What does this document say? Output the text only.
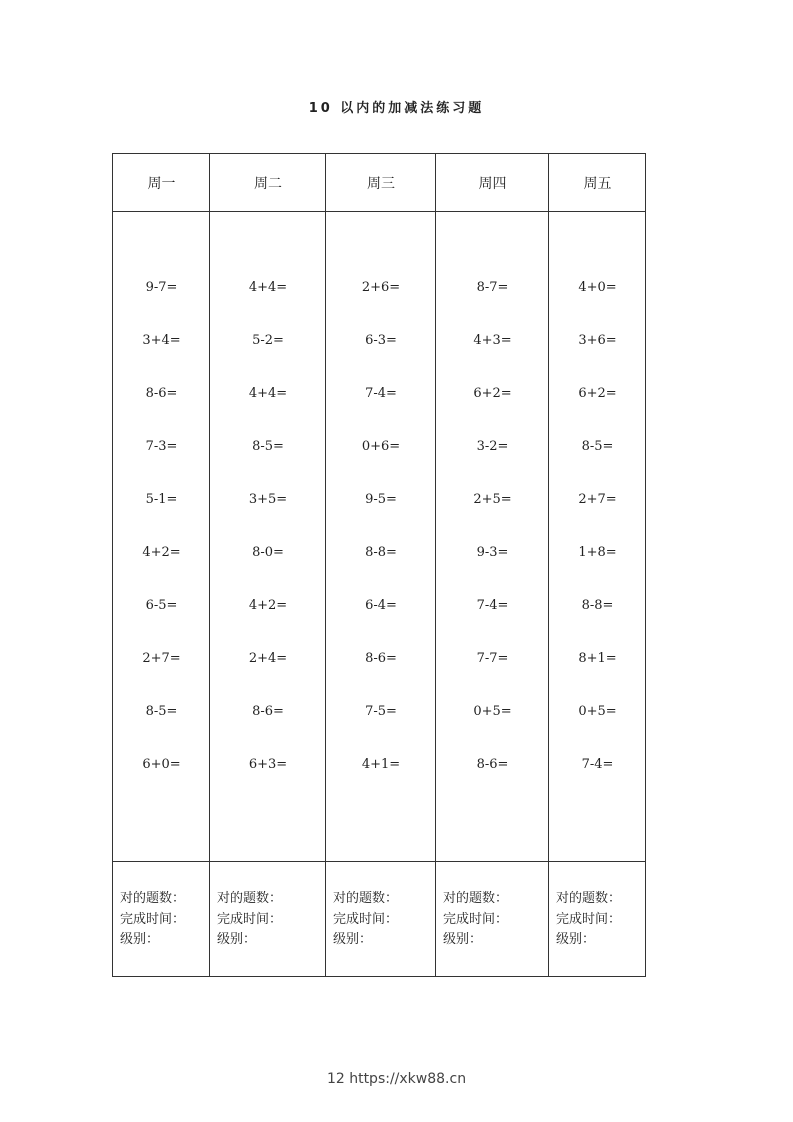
10 以内的加减法练习题
周一
9-7=
3+4=
8-6=
7-3=
5-1=
4+2=
6-5=
2+7=
8-5=
6+0=
对的题数：
完成时间：
级别：
周二
4+4=
5-2=
4+4=
8-5=
3+5=
8-0=
4+2=
2+4=
8-6=
6+3=
对的题数：
完成时间：
级别：
周三
2+6=
6-3=
7-4=
0+6=
9-5=
8-8=
6-4=
8-6=
7-5=
4+1=
对的题数：
完成时间：
级别：
周四
8-7=
4+3=
6+2=
3-2=
2+5=
9-3=
7-4=
7-7=
0+5=
8-6=
对的题数：
完成时间：
级别：
周五
4+0=
3+6=
6+2=
8-5=
2+7=
1+8=
8-8=
8+1=
0+5=
7-4=
对的题数：
完成时间：
级别：
12 https://xkw88.cn
